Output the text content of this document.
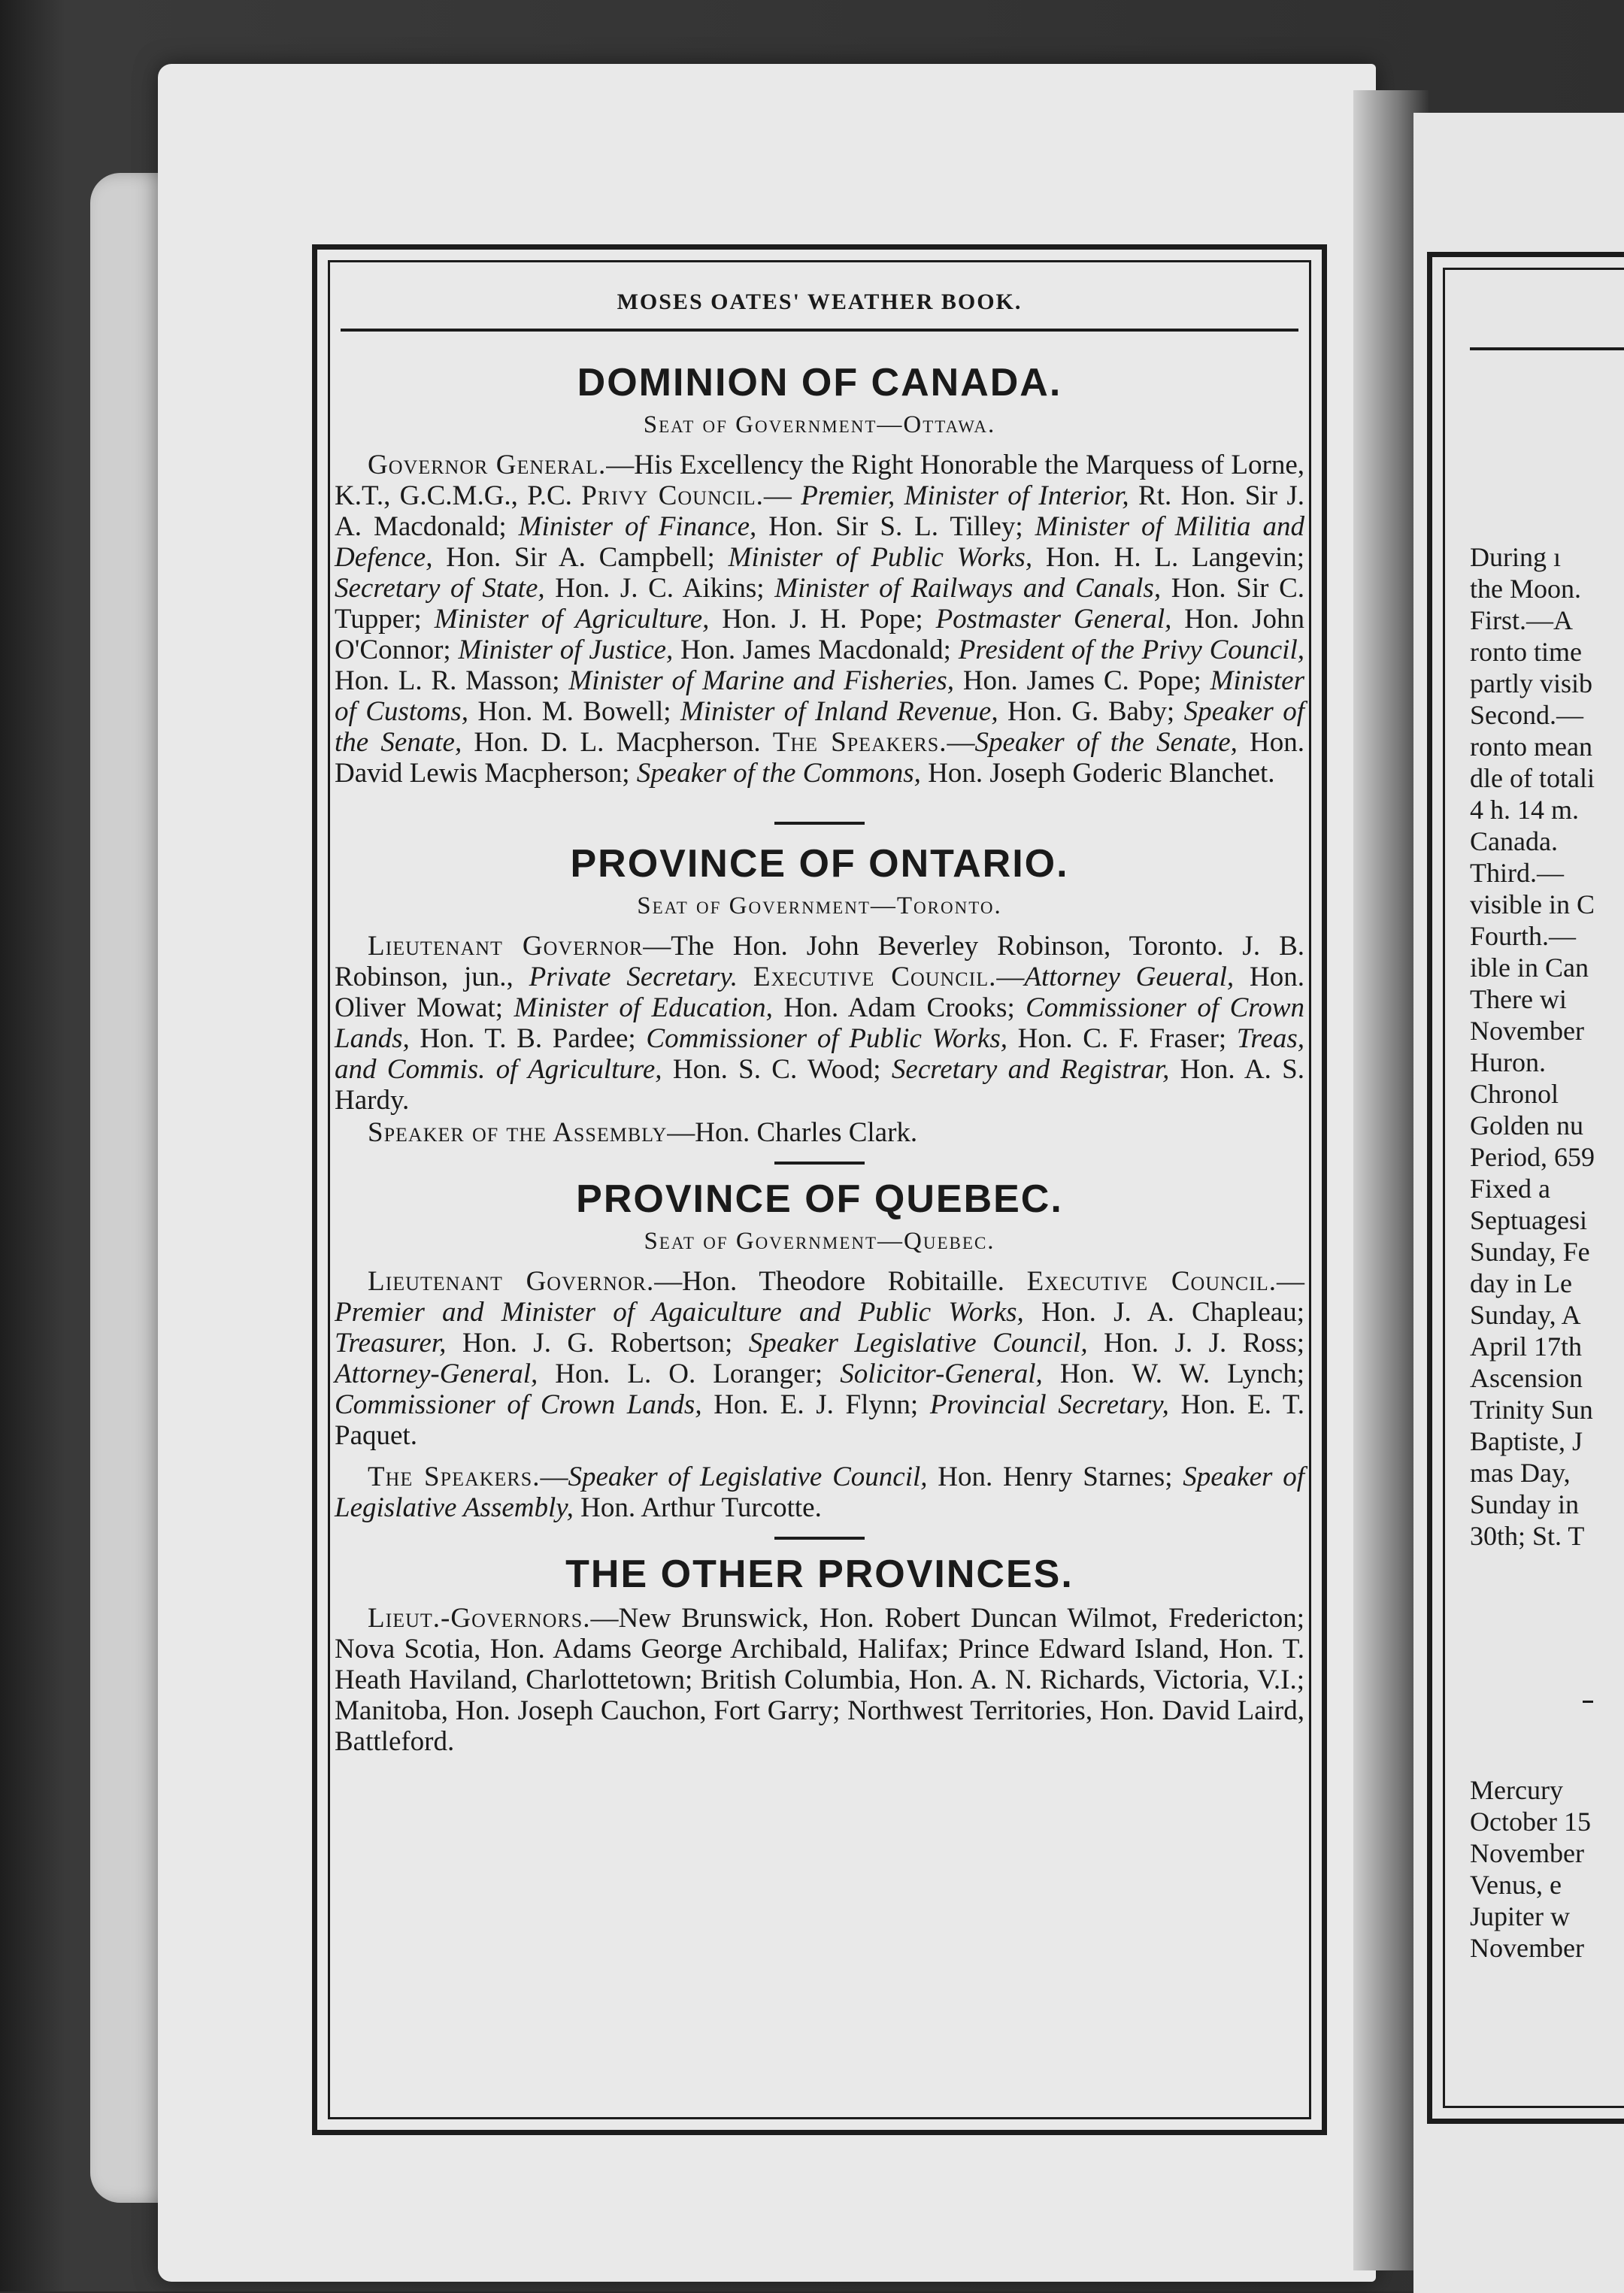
MOSES OATES' WEATHER BOOK.

DOMINION OF CANADA.

Seat of Government—Ottawa.

Governor General.—His Excellency the Right Honorable the Marquess of Lorne, K.T., G.C.M.G., P.C. Privy Council.— Premier, Minister of Interior, Rt. Hon. Sir J. A. Macdonald; Minister of Finance, Hon. Sir S. L. Tilley; Minister of Militia and Defence, Hon. Sir A. Campbell; Minister of Public Works, Hon. H. L. Langevin; Secretary of State, Hon. J. C. Aikins; Minister of Railways and Canals, Hon. Sir C. Tupper; Minister of Agriculture, Hon. J. H. Pope; Postmaster General, Hon. John O'Connor; Minister of Justice, Hon. James Macdonald; President of the Privy Council, Hon. L. R. Masson; Minister of Marine and Fisheries, Hon. James C. Pope; Minister of Customs, Hon. M. Bowell; Minister of Inland Revenue, Hon. G. Baby; Speaker of the Senate, Hon. D. L. Macpherson. The Speakers.—Speaker of the Senate, Hon. David Lewis Macpherson; Speaker of the Commons, Hon. Joseph Goderic Blanchet.

PROVINCE OF ONTARIO.

Seat of Government—Toronto.

Lieutenant Governor—The Hon. John Beverley Robinson, Toronto. J. B. Robinson, jun., Private Secretary. Executive Council.—Attorney Geueral, Hon. Oliver Mowat; Minister of Education, Hon. Adam Crooks; Commissioner of Crown Lands, Hon. T. B. Pardee; Commissioner of Public Works, Hon. C. F. Fraser; Treas, and Commis. of Agriculture, Hon. S. C. Wood; Secretary and Registrar, Hon. A. S. Hardy.

Speaker of the Assembly—Hon. Charles Clark.

PROVINCE OF QUEBEC.

Seat of Government—Quebec.

Lieutenant Governor.—Hon. Theodore Robitaille. Executive Council.—Premier and Minister of Agaiculture and Public Works, Hon. J. A. Chapleau; Treasurer, Hon. J. G. Robertson; Speaker Legislative Council, Hon. J. J. Ross; Attorney-General, Hon. L. O. Loranger; Solicitor-General, Hon. W. W. Lynch; Commissioner of Crown Lands, Hon. E. J. Flynn; Provincial Secretary, Hon. E. T. Paquet.

The Speakers.—Speaker of Legislative Council, Hon. Henry Starnes; Speaker of Legislative Assembly, Hon. Arthur Turcotte.

THE OTHER PROVINCES.

Lieut.-Governors.—New Brunswick, Hon. Robert Duncan Wilmot, Fredericton; Nova Scotia, Hon. Adams George Archibald, Halifax; Prince Edward Island, Hon. T. Heath Haviland, Charlottetown; British Columbia, Hon. A. N. Richards, Victoria, V.I.; Manitoba, Hon. Joseph Cauchon, Fort Garry; Northwest Territories, Hon. David Laird, Battleford.

During ı
the Moon.
First.—A
ronto time
partly visib
Second.—
ronto mean
dle of totali
4 h. 14 m.
Canada.
Third.—
visible in C
Fourth.—
ible in Can
There wi
November
Huron.
Chronol
Golden nu
Period, 659
Fixed a
Septuagesi
Sunday, Fe
day in Le
Sunday, A
April 17th
Ascension
Trinity Sun
Baptiste, J
mas Day,
Sunday in
30th; St. T
Mercury
October 15
November
Venus, e
Jupiter w
November
